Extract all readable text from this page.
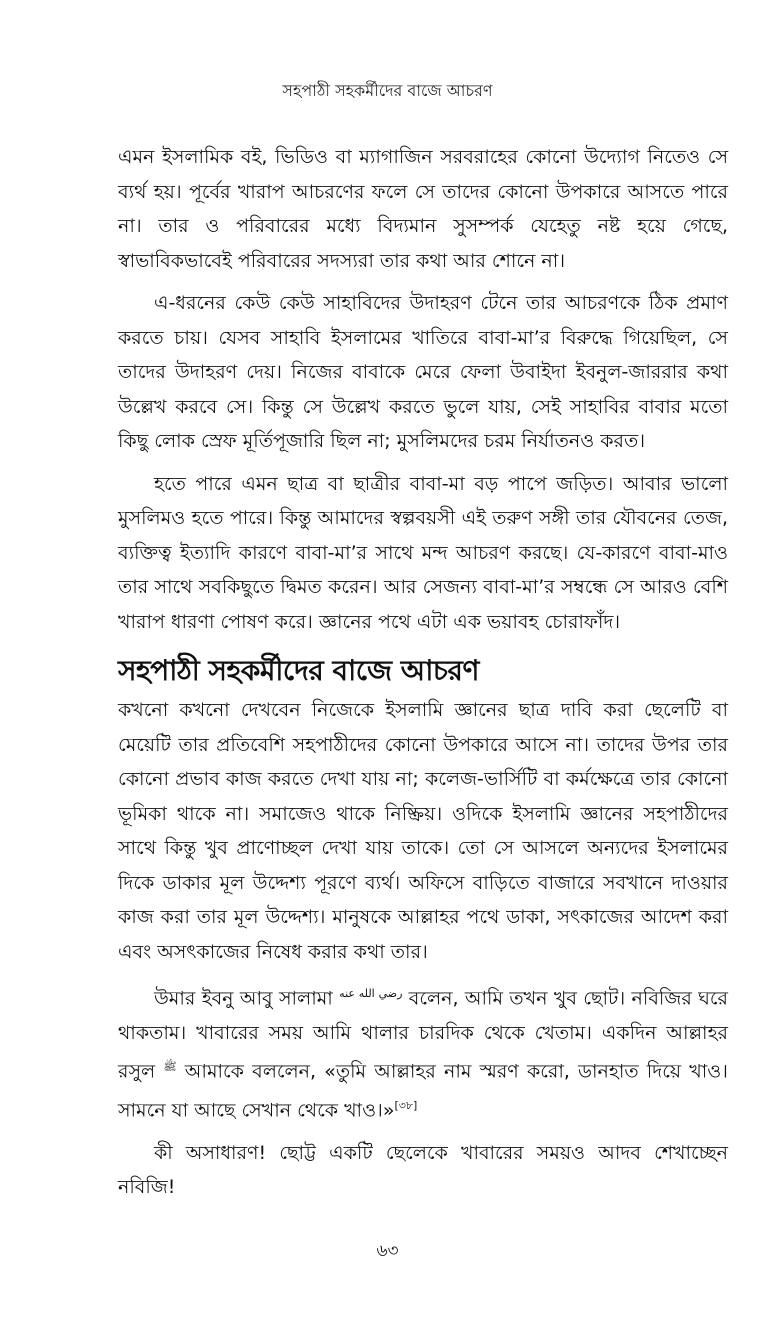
সহপাঠী সহকর্মীদের বাজে আচরণ

এমন ইসলামিক বই, ভিডিও বা ম্যাগাজিন সরবরাহের কোনো উদ্যোগ নিতেও সে ব্যর্থ হয়। পূর্বের খারাপ আচরণের ফলে সে তাদের কোনো উপকারে আসতে পারে না। তার ও পরিবারের মধ্যে বিদ্যমান সুসম্পর্ক যেহেতু নষ্ট হয়ে গেছে, স্বাভাবিকভাবেই পরিবারের সদস্যরা তার কথা আর শোনে না।

এ-ধরনের কেউ কেউ সাহাবিদের উদাহরণ টেনে তার আচরণকে ঠিক প্রমাণ করতে চায়। যেসব সাহাবি ইসলামের খাতিরে বাবা-মা’র বিরুদ্ধে গিয়েছিল, সে তাদের উদাহরণ দেয়। নিজের বাবাকে মেরে ফেলা উবাইদা ইবনুল-জাররার কথা উল্লেখ করবে সে। কিন্তু সে উল্লেখ করতে ভুলে যায়, সেই সাহাবির বাবার মতো কিছু লোক স্রেফ মূর্তিপূজারি ছিল না; মুসলিমদের চরম নির্যাতনও করত।

হতে পারে এমন ছাত্র বা ছাত্রীর বাবা-মা বড় পাপে জড়িত। আবার ভালো মুসলিমও হতে পারে। কিন্তু আমাদের স্বল্পবয়সী এই তরুণ সঙ্গী তার যৌবনের তেজ, ব্যক্তিত্ব ইত্যাদি কারণে বাবা-মা’র সাথে মন্দ আচরণ করছে। যে-কারণে বাবা-মাও তার সাথে সবকিছুতে দ্বিমত করেন। আর সেজন্য বাবা-মা’র সম্বন্ধে সে আরও বেশি খারাপ ধারণা পোষণ করে। জ্ঞানের পথে এটা এক ভয়াবহ চোরাফাঁদ।

সহপাঠী সহকর্মীদের বাজে আচরণ

কখনো কখনো দেখবেন নিজেকে ইসলামি জ্ঞানের ছাত্র দাবি করা ছেলেটি বা মেয়েটি তার প্রতিবেশি সহপাঠীদের কোনো উপকারে আসে না। তাদের উপর তার কোনো প্রভাব কাজ করতে দেখা যায় না; কলেজ-ভার্সিটি বা কর্মক্ষেত্রে তার কোনো ভূমিকা থাকে না। সমাজেও থাকে নিষ্ক্রিয়। ওদিকে ইসলামি জ্ঞানের সহপাঠীদের সাথে কিন্তু খুব প্রাণোচ্ছল দেখা যায় তাকে। তো সে আসলে অন্যদের ইসলামের দিকে ডাকার মূল উদ্দেশ্য পূরণে ব্যর্থ। অফিসে বাড়িতে বাজারে সবখানে দাওয়ার কাজ করা তার মূল উদ্দেশ্য। মানুষকে আল্লাহর পথে ডাকা, সৎকাজের আদেশ করা এবং অসৎকাজের নিষেধ করার কথা তার।

উমার ইবনু আবু সালামা $^{رضي الله عنه}$ বলেন, আমি তখন খুব ছোট। নবিজির ঘরে থাকতাম। খাবারের সময় আমি থালার চারদিক থেকে খেতাম। একদিন আল্লাহর রসুল $^ﷺ$ আমাকে বললেন, «তুমি আল্লাহর নাম স্মরণ করো, ডানহাত দিয়ে খাও। সামনে যা আছে সেখান থেকে খাও।»[৩৮]

কী অসাধারণ! ছোট্ট একটি ছেলেকে খাবারের সময়ও আদব শেখাচ্ছেন নবিজি!

৬৩
